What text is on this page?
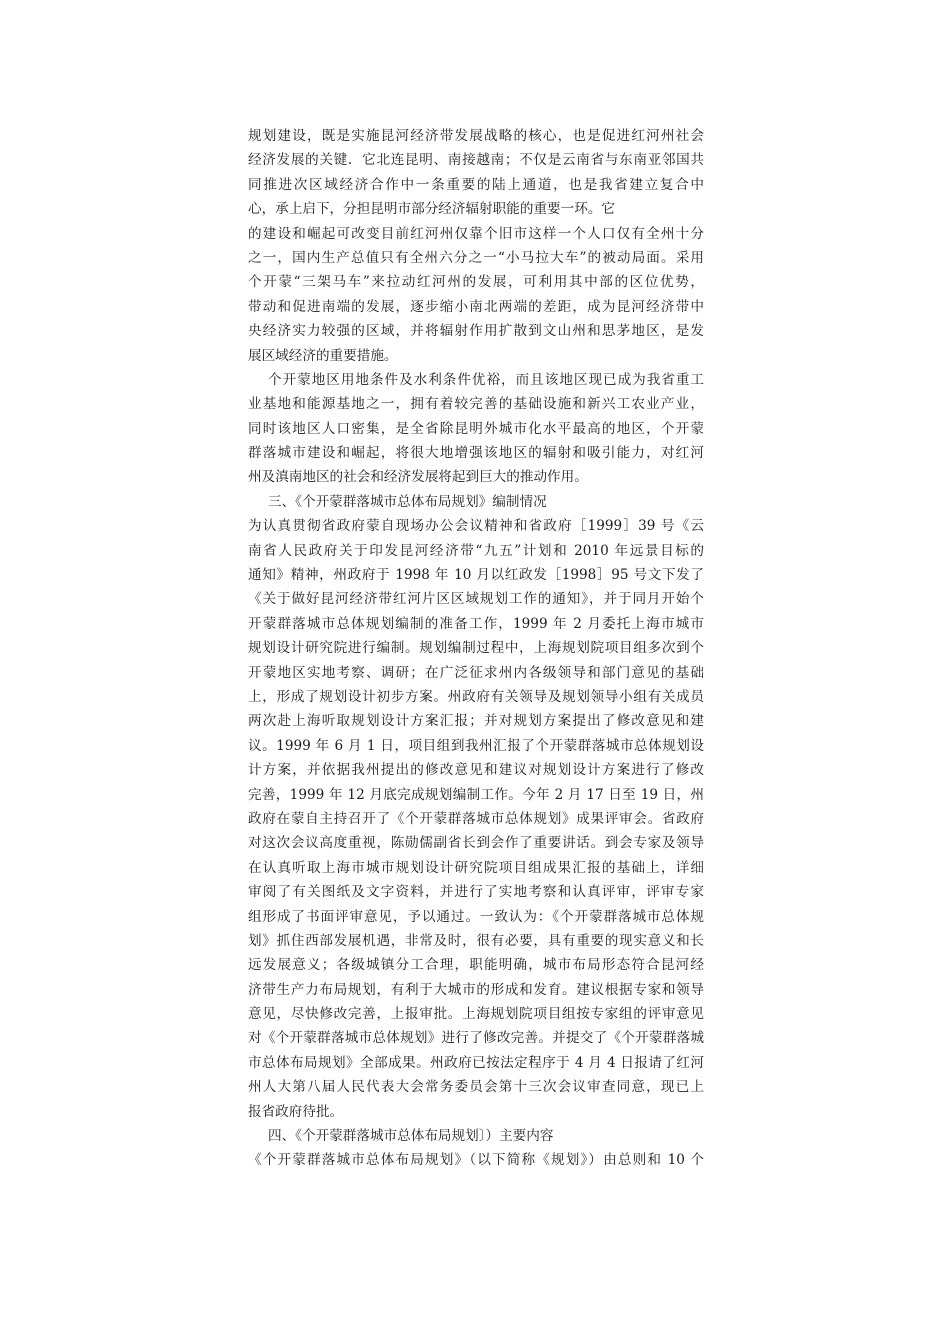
规划建设，既是实施昆河经济带发展战略的核心，也是促进红河州社会
经济发展的关键．它北连昆明、南接越南；不仅是云南省与东南亚邻国共
同推进次区域经济合作中一条重要的陆上通道，也是我省建立复合中
心，承上启下，分担昆明市部分经济辐射职能的重要一环。它
的建设和崛起可改变目前红河州仅靠个旧市这样一个人口仅有全州十分
之一，国内生产总值只有全州六分之一“小马拉大车”的被动局面。采用
个开蒙“三架马车”来拉动红河州的发展，可利用其中部的区位优势，
带动和促进南端的发展，逐步缩小南北两端的差距，成为昆河经济带中
央经济实力较强的区域，并将辐射作用扩散到文山州和思茅地区，是发
展区域经济的重要措施。
个开蒙地区用地条件及水利条件优裕，而且该地区现已成为我省重工
业基地和能源基地之一，拥有着较完善的基础设施和新兴工农业产业，
同时该地区人口密集，是全省除昆明外城市化水平最高的地区，个开蒙
群落城市建设和崛起，将很大地增强该地区的辐射和吸引能力，对红河
州及滇南地区的社会和经济发展将起到巨大的推动作用。
三、《个开蒙群落城市总体布局规划》编制情况
为认真贯彻省政府蒙自现场办公会议精神和省政府［1999］39 号《云
南省人民政府关于印发昆河经济带“九五”计划和 2010 年远景目标的
通知》精神，州政府于 1998 年 10 月以红政发［1998］95 号文下发了
《关于做好昆河经济带红河片区区域规划工作的通知》，并于同月开始个
开蒙群落城市总体规划编制的准备工作，1999 年 2 月委托上海市城市
规划设计研究院进行编制。规划编制过程中，上海规划院项目组多次到个
开蒙地区实地考察、调研；在广泛征求州内各级领导和部门意见的基础
上，形成了规划设计初步方案。州政府有关领导及规划领导小组有关成员
两次赴上海听取规划设计方案汇报；并对规划方案提出了修改意见和建
议。1999 年 6 月 1 日，项目组到我州汇报了个开蒙群落城市总体规划设
计方案，并依据我州提出的修改意见和建议对规划设计方案进行了修改
完善，1999 年 12 月底完成规划编制工作。今年 2 月 17 日至 19 日，州
政府在蒙自主持召开了《个开蒙群落城市总体规划》成果评审会。省政府
对这次会议高度重视，陈勋儒副省长到会作了重要讲话。到会专家及领导
在认真听取上海市城市规划设计研究院项目组成果汇报的基础上，详细
审阅了有关图纸及文字资料，并进行了实地考察和认真评审，评审专家
组形成了书面评审意见，予以通过。一致认为：《个开蒙群落城市总体规
划》抓住西部发展机遇，非常及时，很有必要，具有重要的现实意义和长
远发展意义；各级城镇分工合理，职能明确，城市布局形态符合昆河经
济带生产力布局规划，有利于大城市的形成和发育。建议根据专家和领导
意见，尽快修改完善，上报审批。上海规划院项目组按专家组的评审意见
对《个开蒙群落城市总体规划》进行了修改完善。并提交了《个开蒙群落城
市总体布局规划》全部成果。州政府已按法定程序于 4 月 4 日报请了红河
州人大第八届人民代表大会常务委员会第十三次会议审查同意，现已上
报省政府待批。
四、《个开蒙群落城市总体布局规划〕）主要内容
《个开蒙群落城市总体布局规划》（以下简称《规划》）由总则和 10 个
